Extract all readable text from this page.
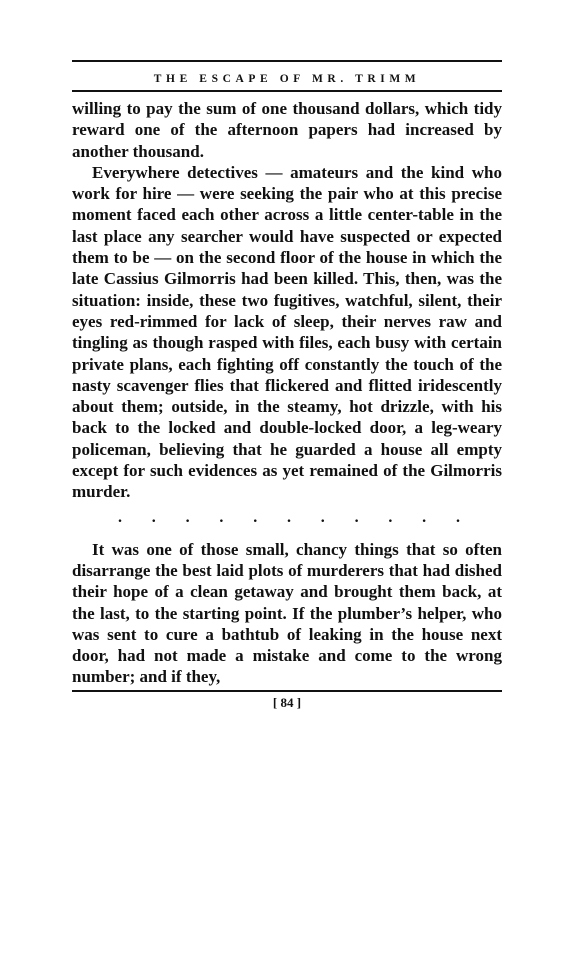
THE ESCAPE OF MR. TRIMM

willing to pay the sum of one thousand dollars, which tidy reward one of the afternoon papers had increased by another thousand.

Everywhere detectives — amateurs and the kind who work for hire — were seeking the pair who at this precise moment faced each other across a little center-table in the last place any searcher would have suspected or expected them to be — on the second floor of the house in which the late Cassius Gilmorris had been killed. This, then, was the situation: inside, these two fugitives, watchful, silent, their eyes red-rimmed for lack of sleep, their nerves raw and tingling as though rasped with files, each busy with certain private plans, each fighting off constantly the touch of the nasty scavenger flies that flickered and flitted iridescently about them; outside, in the steamy, hot drizzle, with his back to the locked and double-locked door, a leg-weary policeman, believing that he guarded a house all empty except for such evidences as yet remained of the Gilmorris murder.

. . . . . . . . . . .

It was one of those small, chancy things that so often disarrange the best laid plots of murderers that had dished their hope of a clean getaway and brought them back, at the last, to the starting point. If the plumber’s helper, who was sent to cure a bathtub of leaking in the house next door, had not made a mistake and come to the wrong number; and if they,

[ 84 ]
